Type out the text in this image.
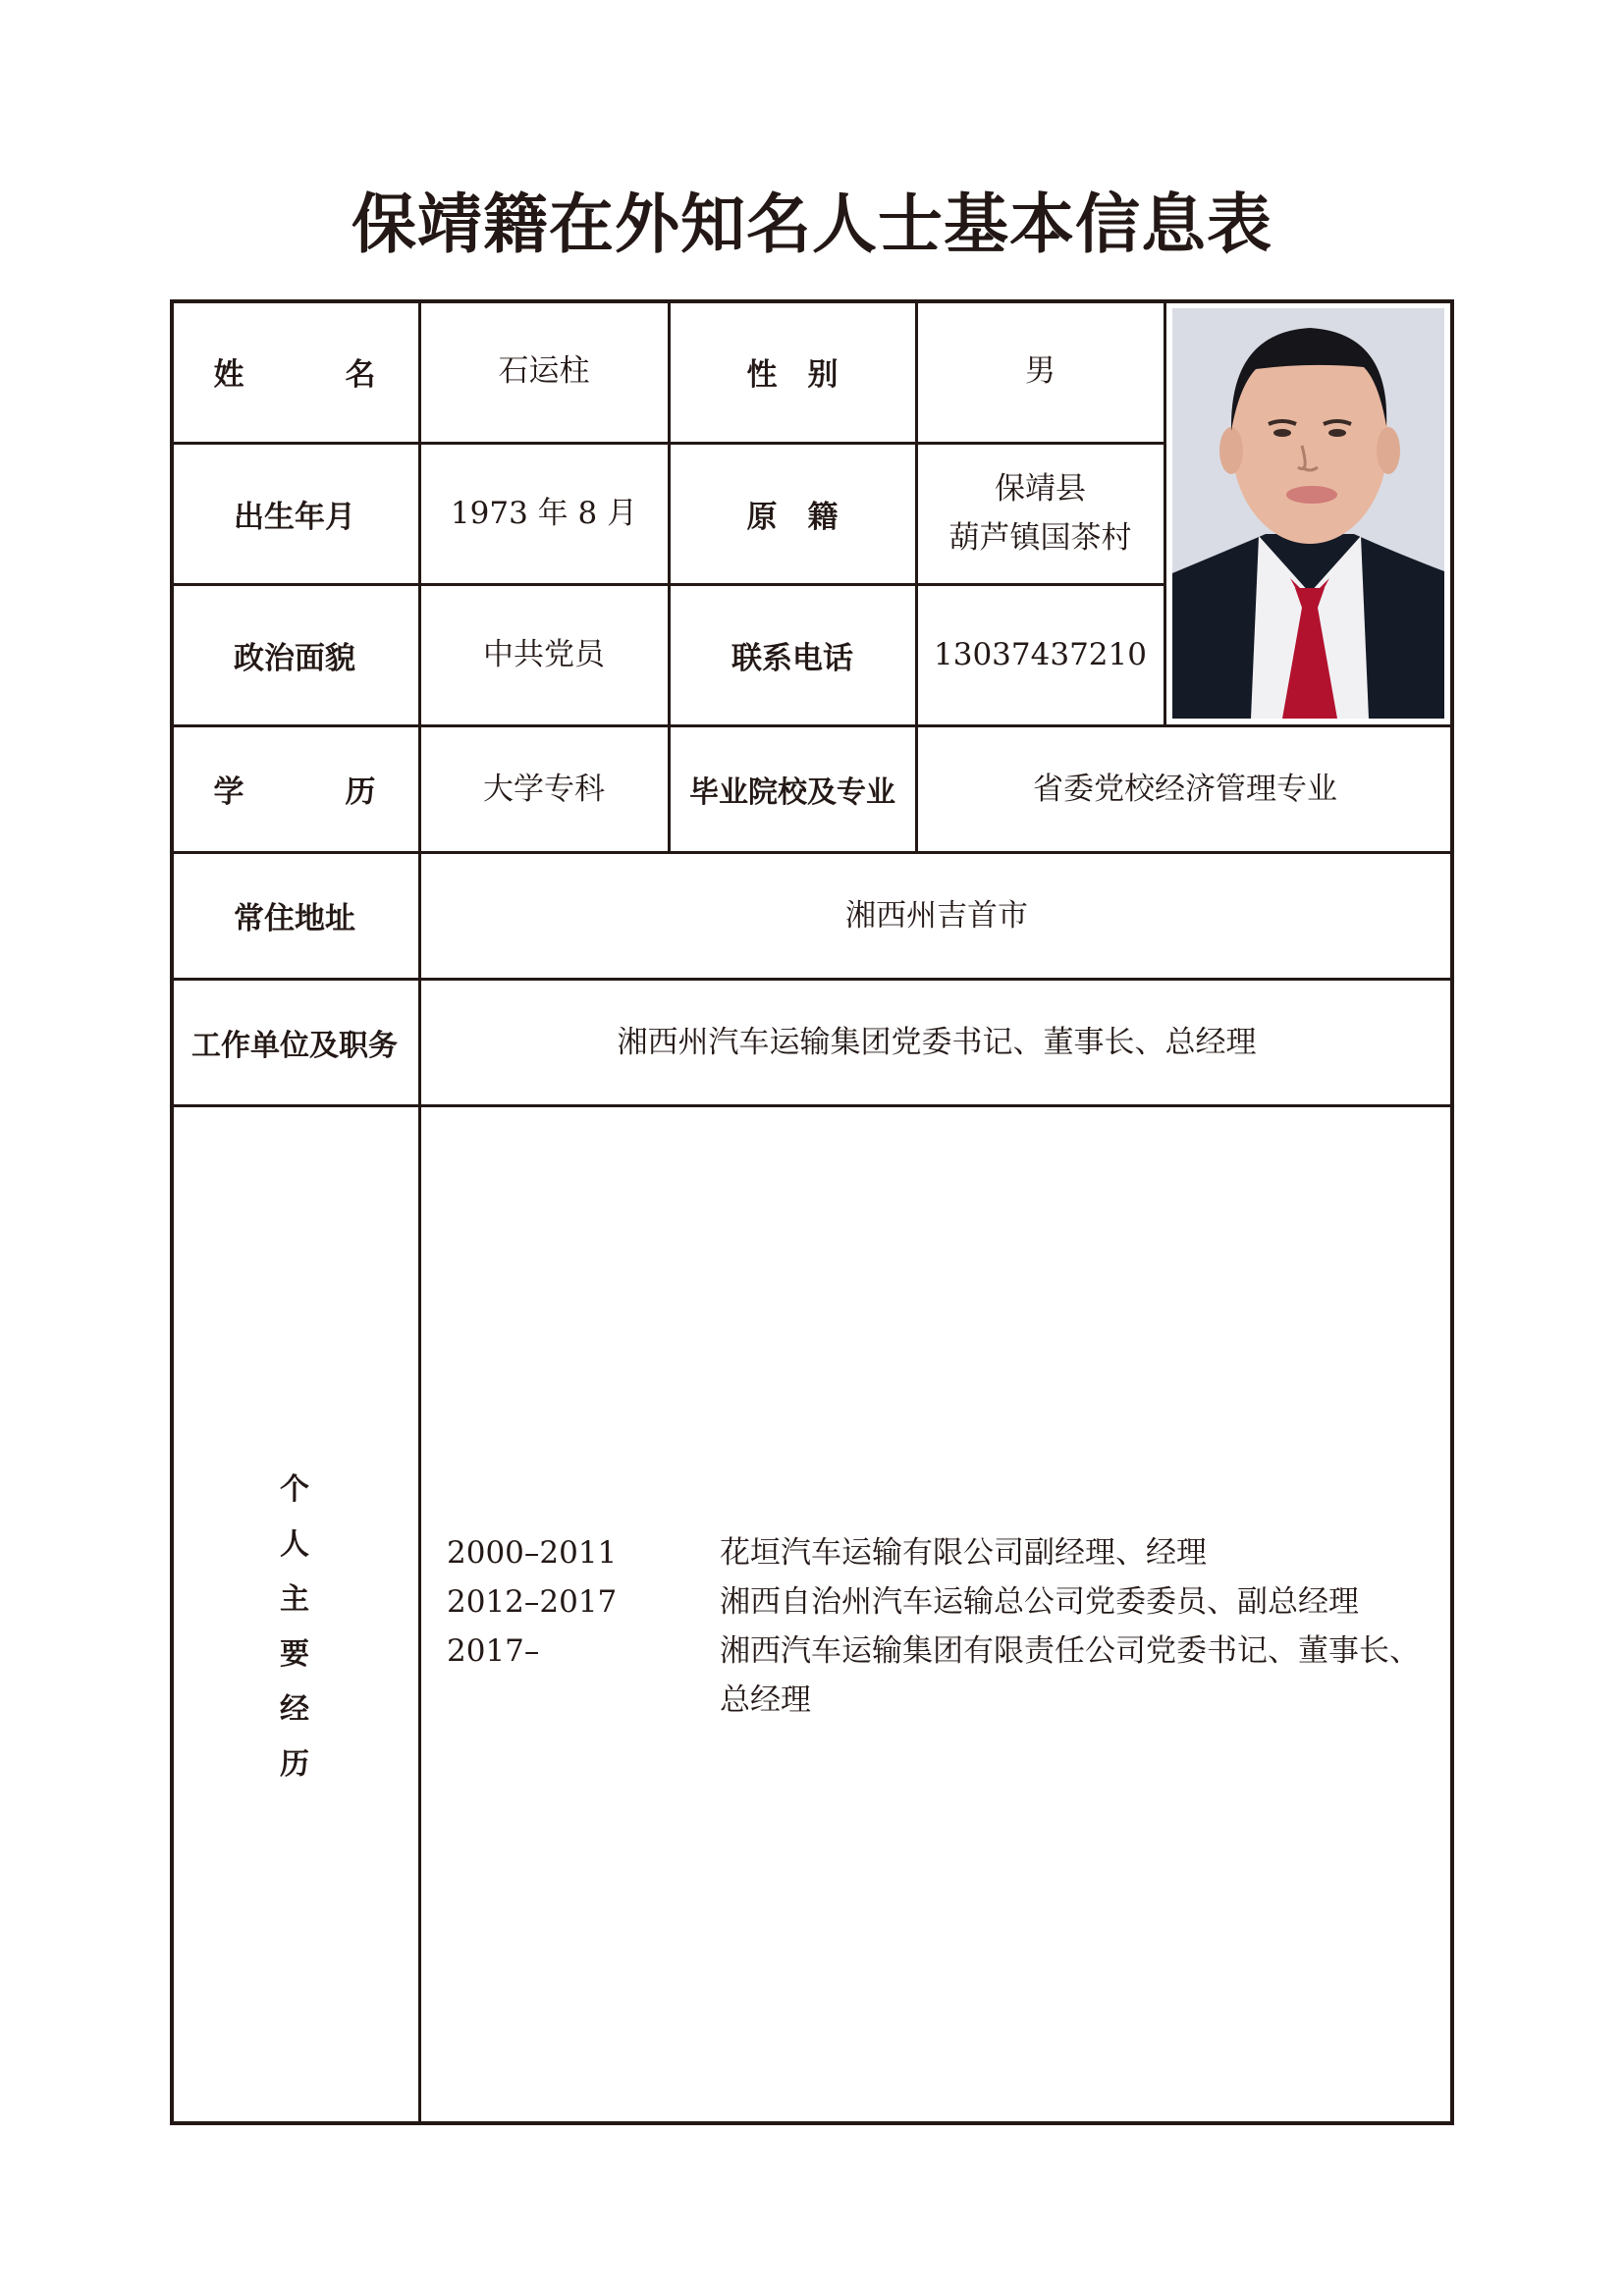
保靖籍在外知名人士基本信息表
姓　名	石运柱	性　别	男
出生年月	1973 年 8 月	原　籍
保靖县
葫芦镇国茶村
政治面貌	中共党员	联系电话	13037437210
学　历 大学专科	毕业院校及专业	省委党校经济管理专业
常住地址	湘西州吉首市
工作单位及职务	湘西州汽车运输集团党委书记、董事长、总经理
个
人
主
要
经
历
2000–2011	花垣汽车运输有限公司副经理、经理
2012–2017	湘西自治州汽车运输总公司党委委员、副总经理
2017–	湘西汽车运输集团有限责任公司党委书记、董事长、总经理
